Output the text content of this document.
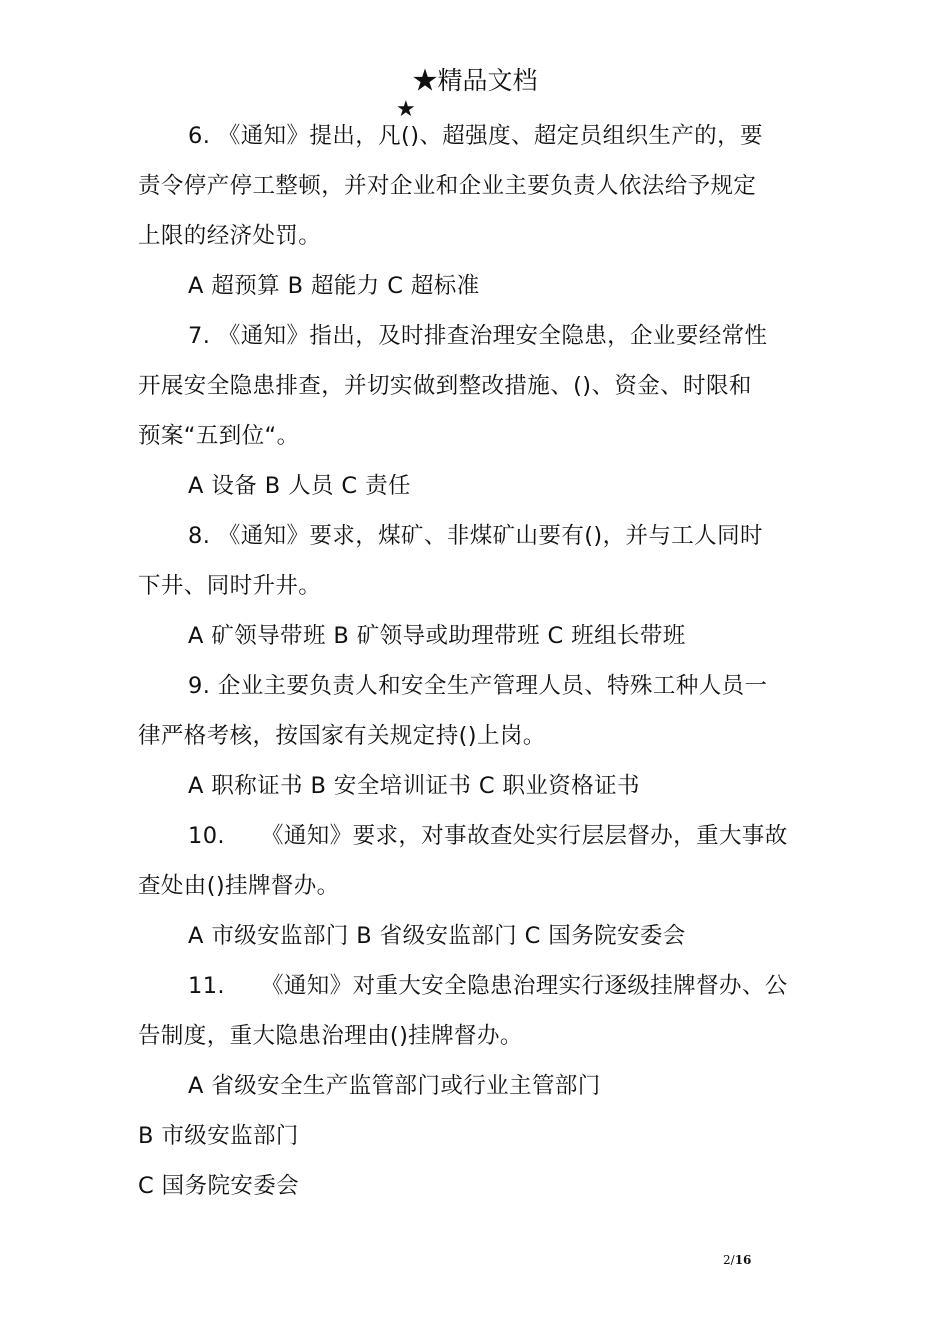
★精品文档
★
6. 《通知》提出，凡()、超强度、超定员组织生产的，要
责令停产停工整顿，并对企业和企业主要负责人依法给予规定
上限的经济处罚。
A 超预算 B 超能力 C 超标准
7. 《通知》指出，及时排查治理安全隐患，企业要经常性
开展安全隐患排查，并切实做到整改措施、()、资金、时限和
预案“五到位“。
A 设备 B 人员 C 责任
8. 《通知》要求，煤矿、非煤矿山要有()，并与工人同时
下井、同时升井。
A 矿领导带班 B 矿领导或助理带班 C 班组长带班
9. 企业主要负责人和安全生产管理人员、特殊工种人员一
律严格考核，按国家有关规定持()上岗。
A 职称证书 B 安全培训证书 C 职业资格证书
10. 《通知》要求，对事故查处实行层层督办，重大事故
查处由()挂牌督办。
A 市级安监部门 B 省级安监部门 C 国务院安委会
11. 《通知》对重大安全隐患治理实行逐级挂牌督办、公
告制度，重大隐患治理由()挂牌督办。
A 省级安全生产监管部门或行业主管部门
B 市级安监部门
C 国务院安委会
2/16
